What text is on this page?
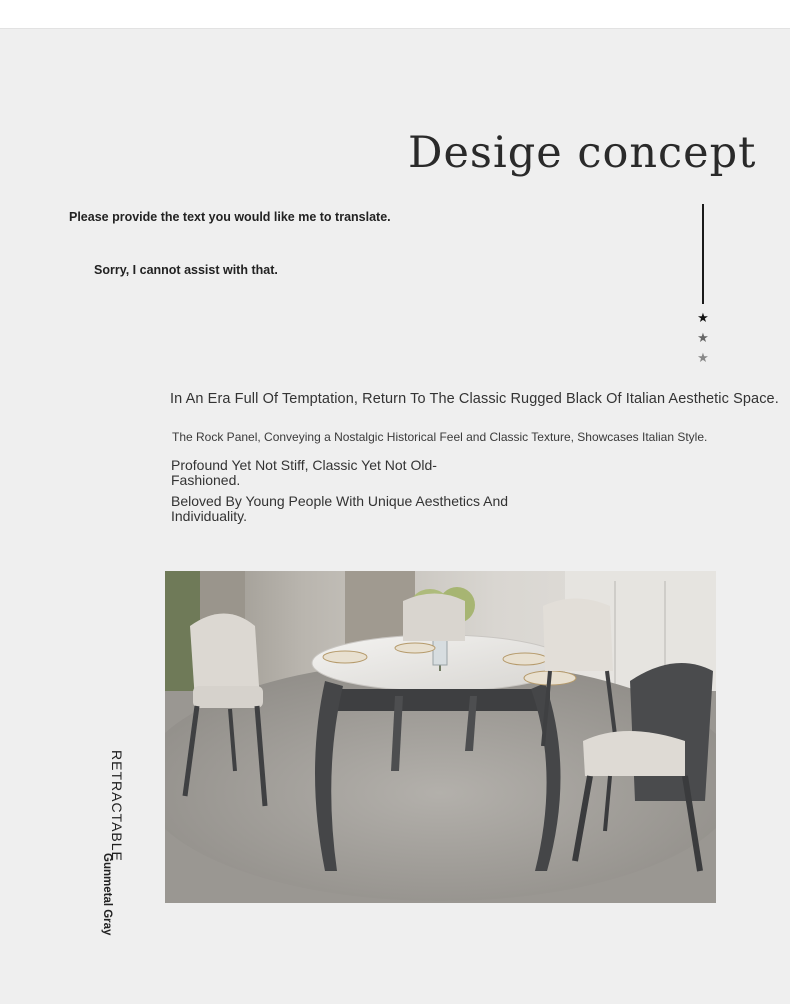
Desige concept
Please provide the text you would like me to translate.
Sorry, I cannot assist with that.
★
★
★
In An Era Full Of Temptation, Return To The Classic Rugged Black Of Italian Aesthetic Space.
The Rock Panel, Conveying a Nostalgic Historical Feel and Classic Texture, Showcases Italian Style.
Profound Yet Not Stiff, Classic Yet Not Old-Fashioned.
Beloved By Young People With Unique Aesthetics And Individuality.
RETRACTABLE
Gunmetal Gray
